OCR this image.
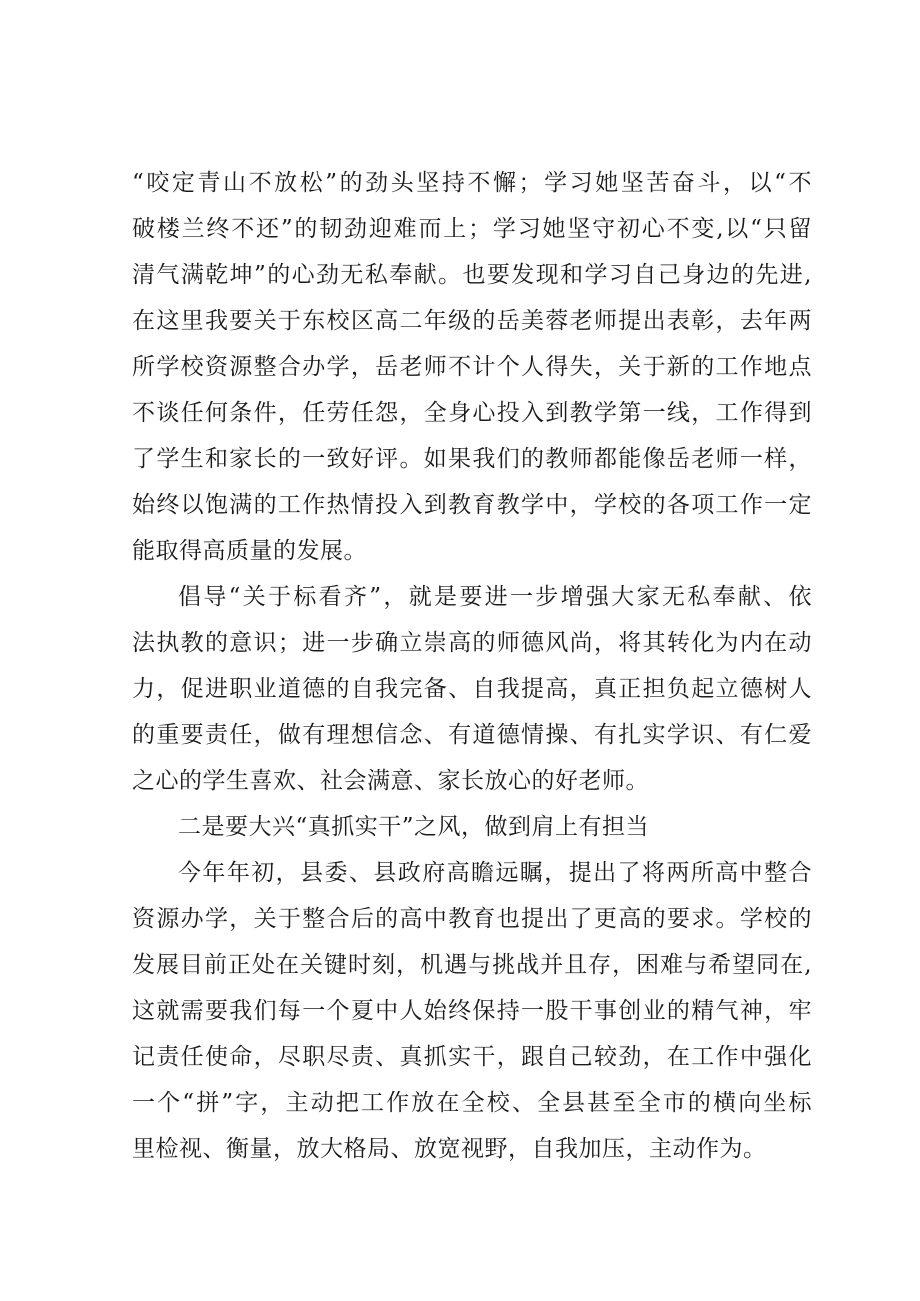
“咬定青山不放松”的劲头坚持不懈；学习她坚苦奋斗，以“不
破楼兰终不还”的韧劲迎难而上；学习她坚守初心不变,以“只留
清气满乾坤”的心劲无私奉献。也要发现和学习自己身边的先进,
在这里我要关于东校区高二年级的岳美蓉老师提出表彰，去年两
所学校资源整合办学，岳老师不计个人得失，关于新的工作地点
不谈任何条件，任劳任怨，全身心投入到教学第一线，工作得到
了学生和家长的一致好评。如果我们的教师都能像岳老师一样，
始终以饱满的工作热情投入到教育教学中，学校的各项工作一定
能取得高质量的发展。
倡导“关于标看齐”，就是要进一步增强大家无私奉献、依
法执教的意识；进一步确立崇高的师德风尚，将其转化为内在动
力，促进职业道德的自我完备、自我提高，真正担负起立德树人
的重要责任，做有理想信念、有道德情操、有扎实学识、有仁爱
之心的学生喜欢、社会满意、家长放心的好老师。
二是要大兴“真抓实干”之风，做到肩上有担当
今年年初，县委、县政府高瞻远瞩，提出了将两所高中整合
资源办学，关于整合后的高中教育也提出了更高的要求。学校的
发展目前正处在关键时刻，机遇与挑战并且存，困难与希望同在,
这就需要我们每一个夏中人始终保持一股干事创业的精气神，牢
记责任使命，尽职尽责、真抓实干，跟自己较劲，在工作中强化
一个“拼”字，主动把工作放在全校、全县甚至全市的横向坐标
里检视、衡量，放大格局、放宽视野，自我加压，主动作为。
